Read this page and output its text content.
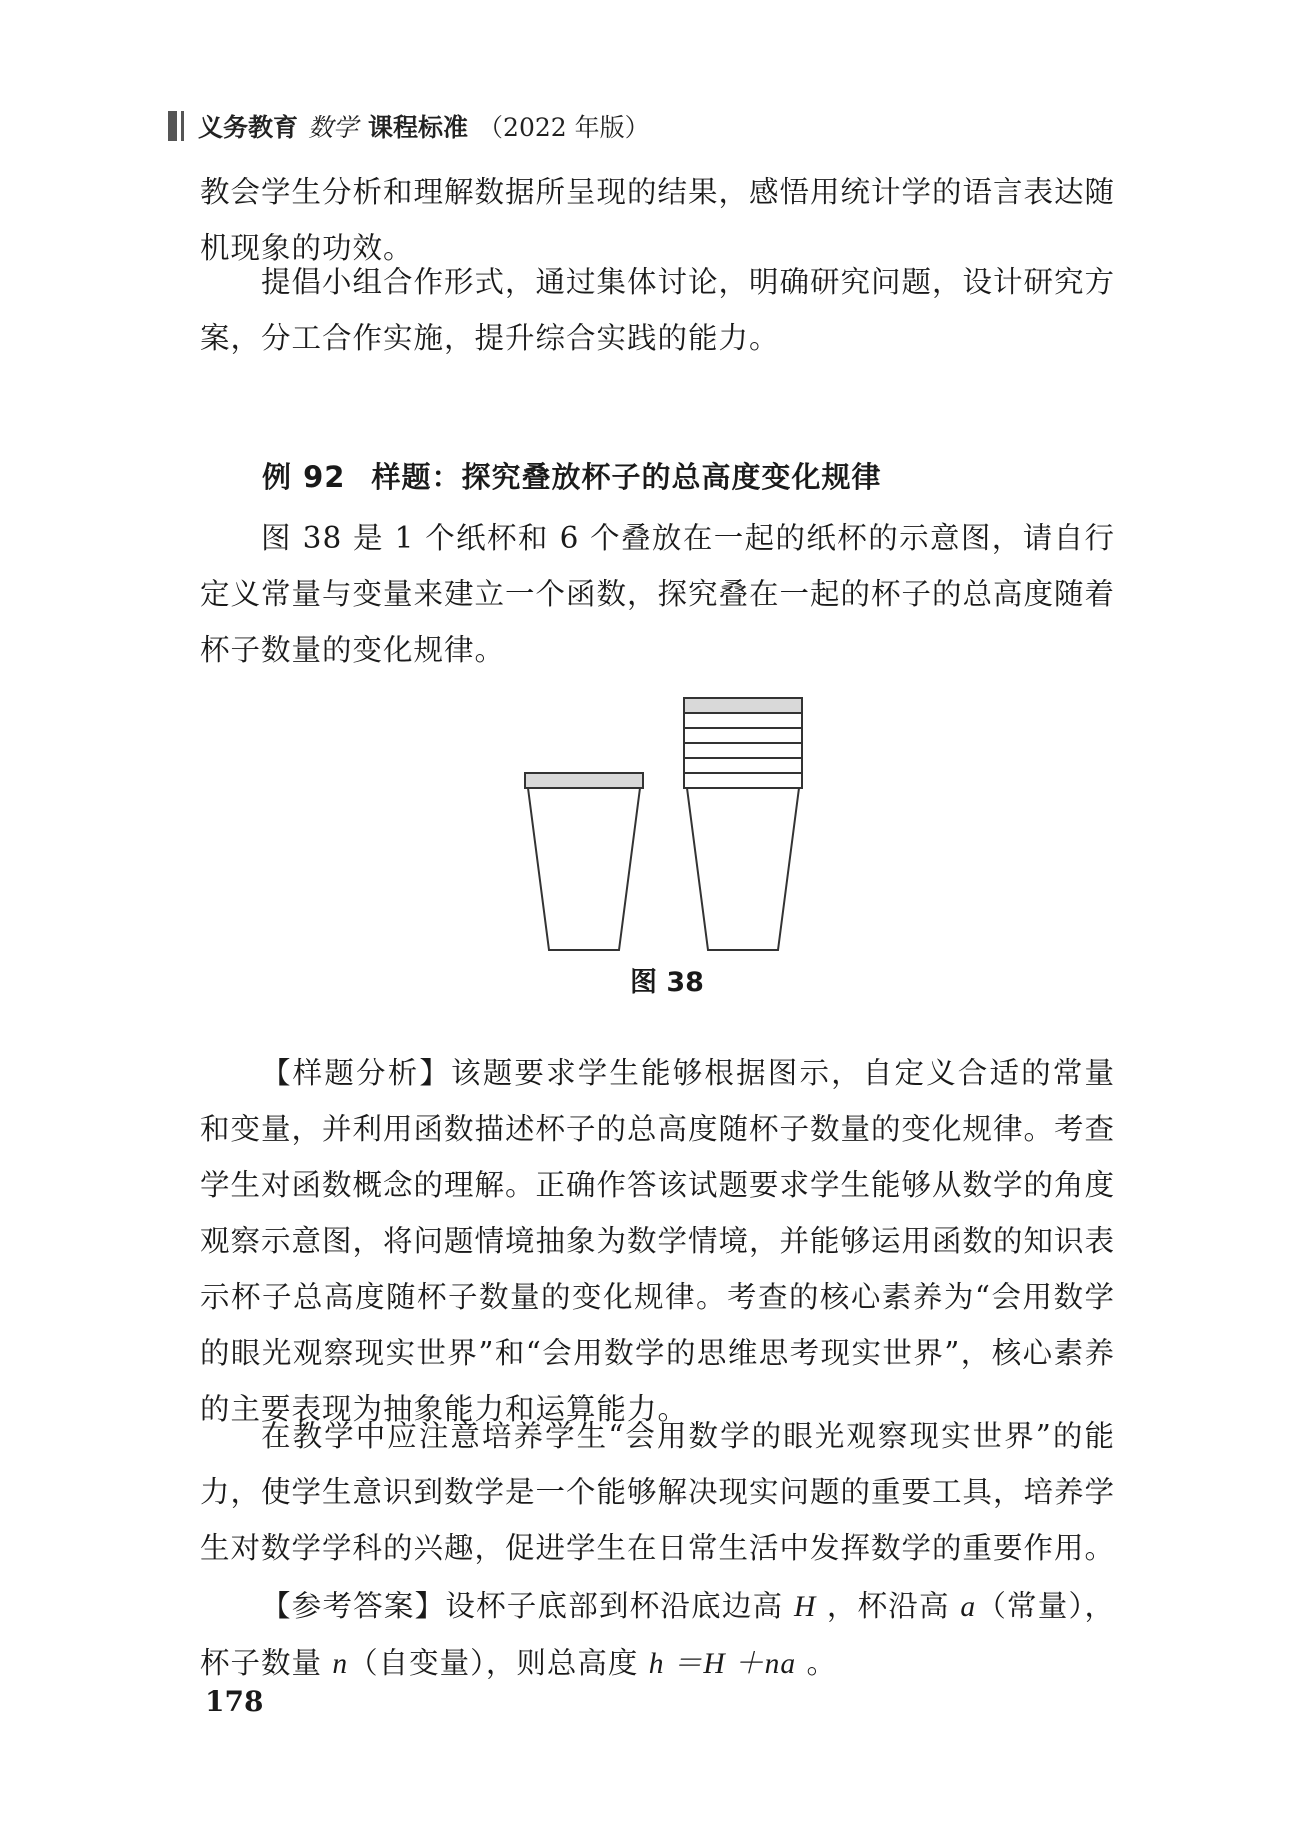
义务教育 数学 课程标准 （2022 年版）

教会学生分析和理解数据所呈现的结果，感悟用统计学的语言表达随机现象的功效。

提倡小组合作形式，通过集体讨论，明确研究问题，设计研究方案，分工合作实施，提升综合实践的能力。

例 92 样题：探究叠放杯子的总高度变化规律

图 38 是 1 个纸杯和 6 个叠放在一起的纸杯的示意图，请自行定义常量与变量来建立一个函数，探究叠在一起的杯子的总高度随着杯子数量的变化规律。

图 38

【样题分析】该题要求学生能够根据图示，自定义合适的常量和变量，并利用函数描述杯子的总高度随杯子数量的变化规律。考查学生对函数概念的理解。正确作答该试题要求学生能够从数学的角度观察示意图，将问题情境抽象为数学情境，并能够运用函数的知识表示杯子总高度随杯子数量的变化规律。考查的核心素养为“会用数学的眼光观察现实世界”和“会用数学的思维思考现实世界”，核心素养的主要表现为抽象能力和运算能力。

在教学中应注意培养学生“会用数学的眼光观察现实世界”的能力，使学生意识到数学是一个能够解决现实问题的重要工具，培养学生对数学学科的兴趣，促进学生在日常生活中发挥数学的重要作用。

【参考答案】设杯子底部到杯沿底边高 H ，杯沿高 a（常量），杯子数量 n（自变量），则总高度 h ＝H ＋na 。

178
